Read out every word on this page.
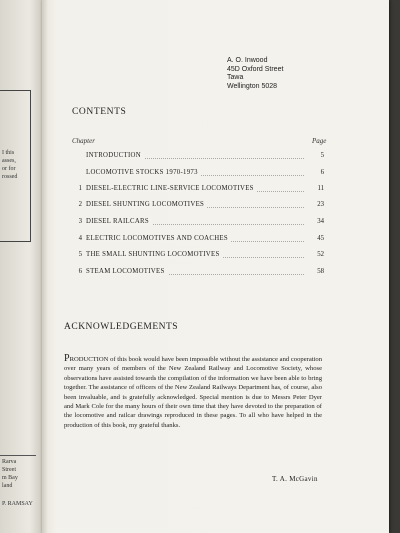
I this
asses,
or for
rossed
Rarva
Street
m Bay
land
P. RAMSAY
A. O. Inwood
45D Oxford Street
Tawa
Wellington 5028
CONTENTS
Chapter	Page
INTRODUCTION	5
LOCOMOTIVE STOCKS 1970-1973	6
1 DIESEL-ELECTRIC LINE-SERVICE LOCOMOTIVES	11
2 DIESEL SHUNTING LOCOMOTIVES	23
3 DIESEL RAILCARS	34
4 ELECTRIC LOCOMOTIVES AND COACHES	45
5 THE SMALL SHUNTING LOCOMOTIVES	52
6 STEAM LOCOMOTIVES	58
ACKNOWLEDGEMENTS
PRODUCTION of this book would have been impossible without the assistance and cooperation over many years of members of the New Zealand Railway and Locomotive Society, whose observations have assisted towards the compilation of the information we have been able to bring together. The assistance of officers of the New Zealand Railways Department has, of course, also been invaluable, and is gratefully acknowledged. Special mention is due to Messrs Peter Dyer and Mark Cole for the many hours of their own time that they have devoted to the preparation of the locomotive and railcar drawings reproduced in these pages. To all who have helped in the production of this book, my grateful thanks.
T. A. McGavin
